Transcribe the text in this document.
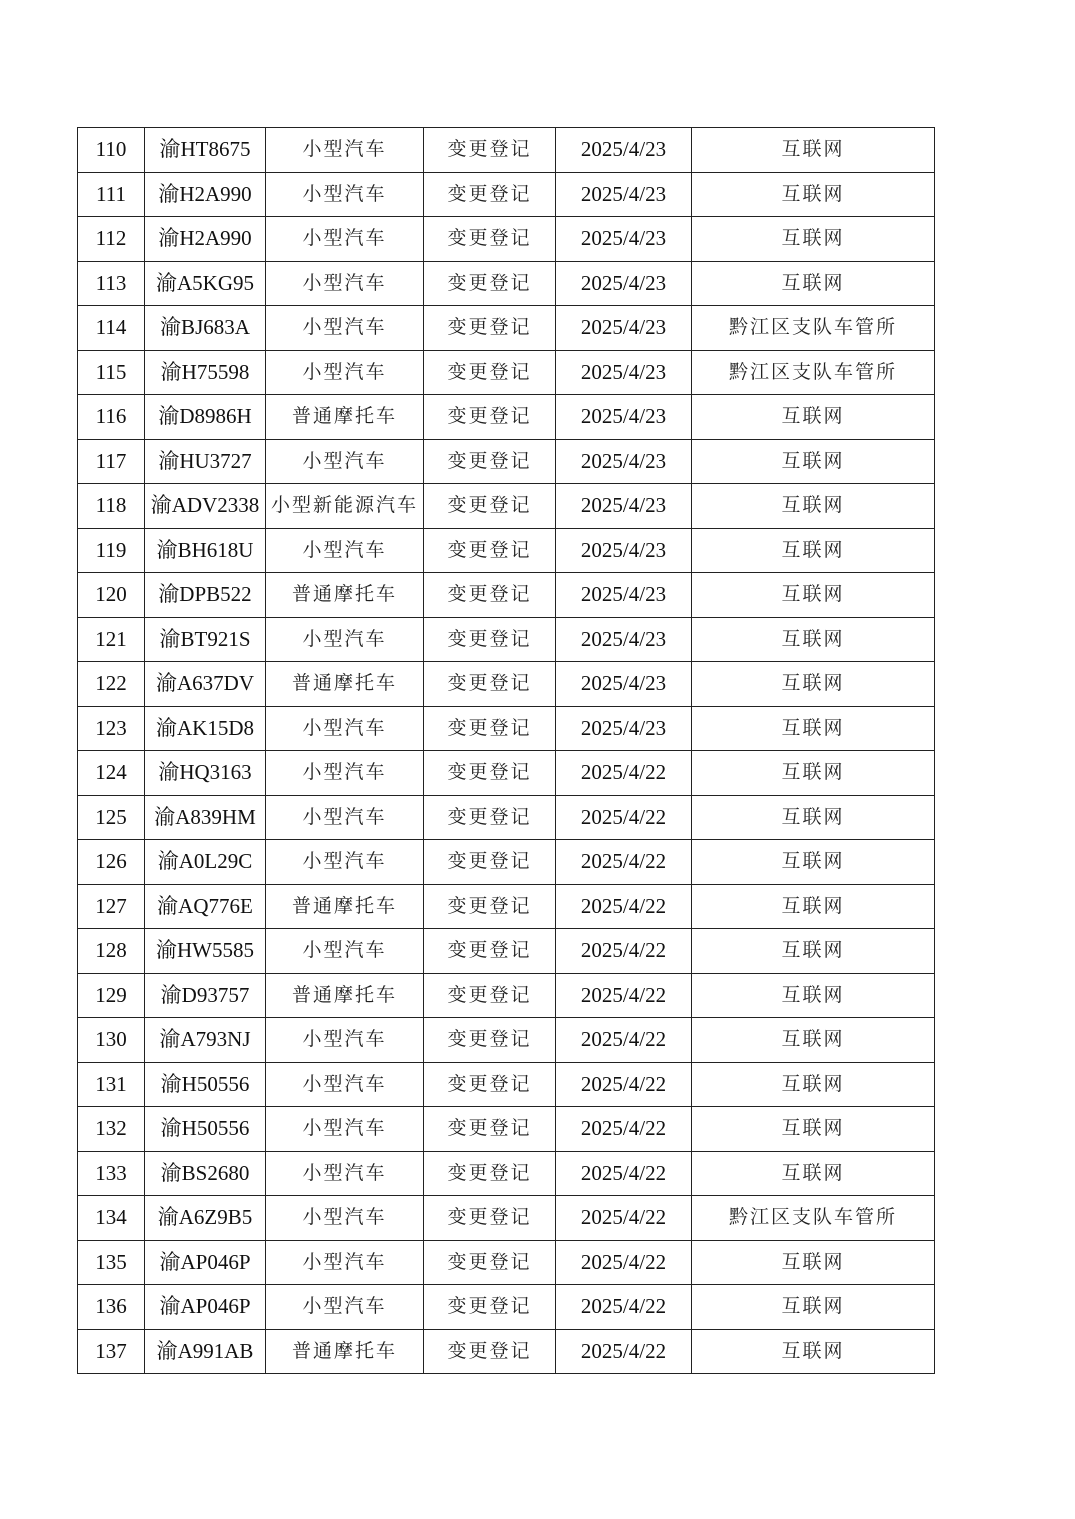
110	渝HT8675	小型汽车	变更登记	2025/4/23	互联网
111	渝H2A990	小型汽车	变更登记	2025/4/23	互联网
112	渝H2A990	小型汽车	变更登记	2025/4/23	互联网
113	渝A5KG95	小型汽车	变更登记	2025/4/23	互联网
114	渝BJ683A	小型汽车	变更登记	2025/4/23	黔江区支队车管所
115	渝H75598	小型汽车	变更登记	2025/4/23	黔江区支队车管所
116	渝D8986H	普通摩托车	变更登记	2025/4/23	互联网
117	渝HU3727	小型汽车	变更登记	2025/4/23	互联网
118	渝ADV2338	小型新能源汽车	变更登记	2025/4/23	互联网
119	渝BH618U	小型汽车	变更登记	2025/4/23	互联网
120	渝DPB522	普通摩托车	变更登记	2025/4/23	互联网
121	渝BT921S	小型汽车	变更登记	2025/4/23	互联网
122	渝A637DV	普通摩托车	变更登记	2025/4/23	互联网
123	渝AK15D8	小型汽车	变更登记	2025/4/23	互联网
124	渝HQ3163	小型汽车	变更登记	2025/4/22	互联网
125	渝A839HM	小型汽车	变更登记	2025/4/22	互联网
126	渝A0L29C	小型汽车	变更登记	2025/4/22	互联网
127	渝AQ776E	普通摩托车	变更登记	2025/4/22	互联网
128	渝HW5585	小型汽车	变更登记	2025/4/22	互联网
129	渝D93757	普通摩托车	变更登记	2025/4/22	互联网
130	渝A793NJ	小型汽车	变更登记	2025/4/22	互联网
131	渝H50556	小型汽车	变更登记	2025/4/22	互联网
132	渝H50556	小型汽车	变更登记	2025/4/22	互联网
133	渝BS2680	小型汽车	变更登记	2025/4/22	互联网
134	渝A6Z9B5	小型汽车	变更登记	2025/4/22	黔江区支队车管所
135	渝AP046P	小型汽车	变更登记	2025/4/22	互联网
136	渝AP046P	小型汽车	变更登记	2025/4/22	互联网
137	渝A991AB	普通摩托车	变更登记	2025/4/22	互联网
